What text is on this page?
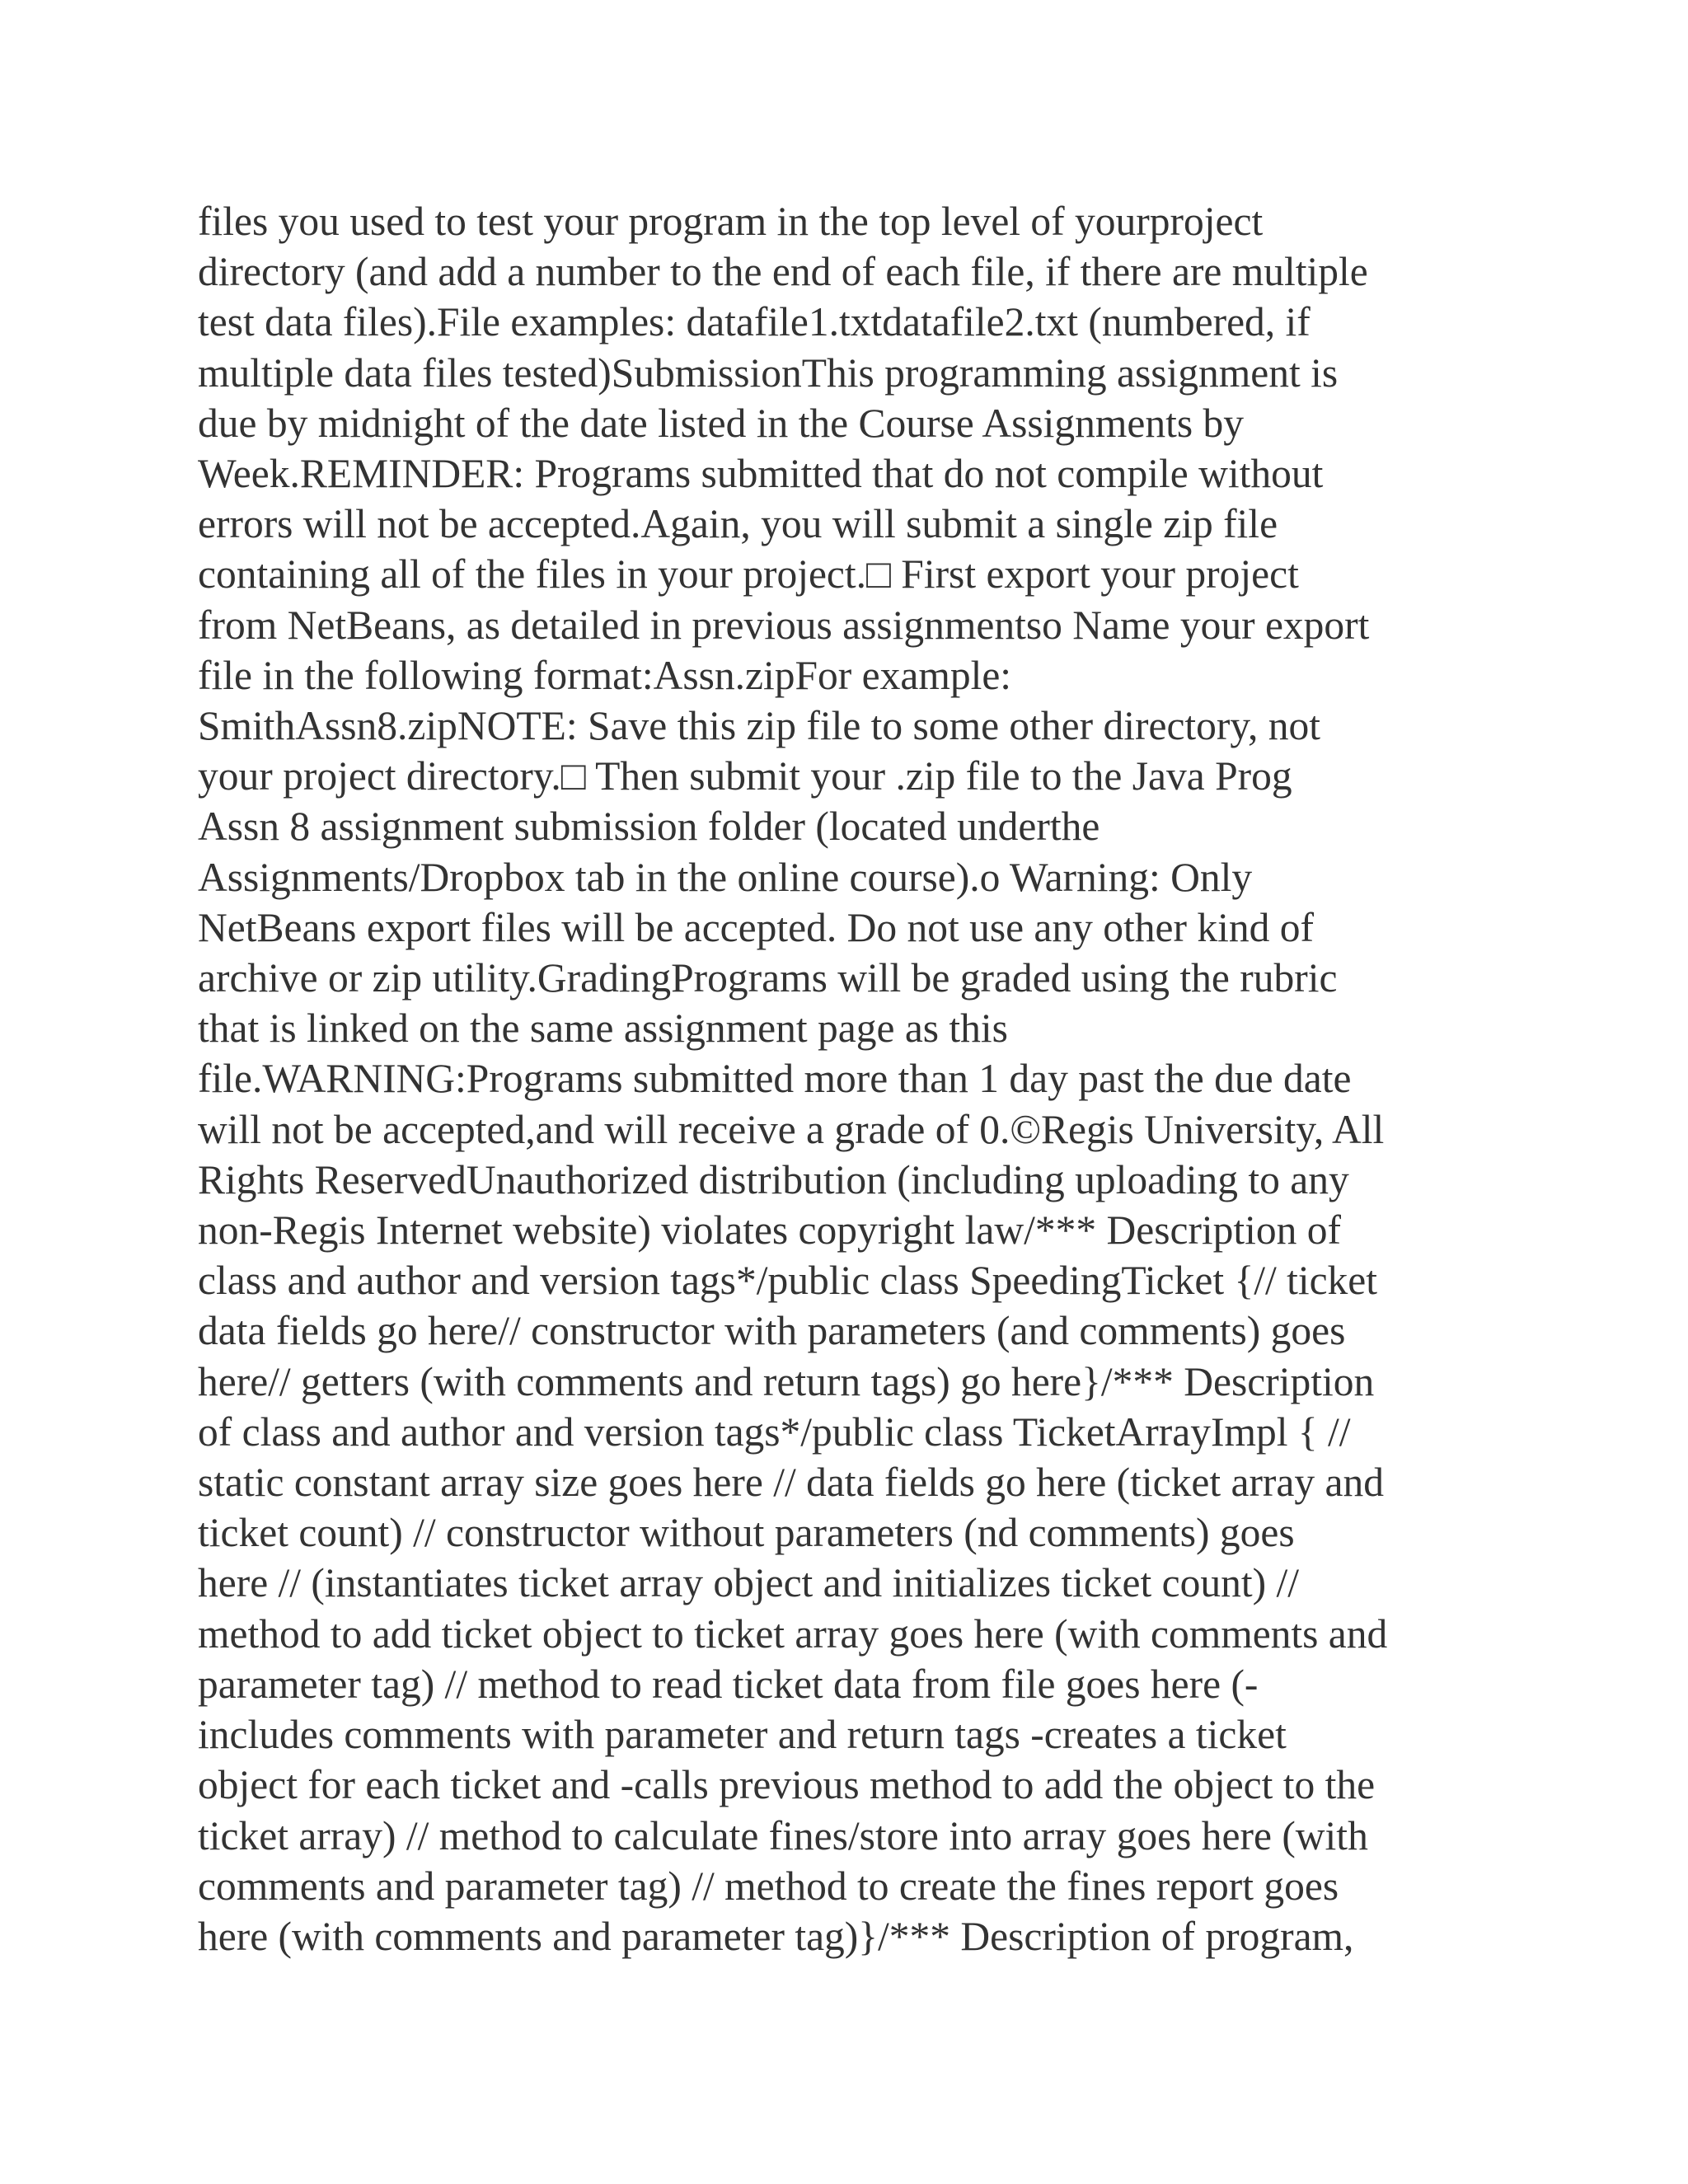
files you used to test your program in the top level of yourproject
directory (and add a number to the end of each file, if there are multiple
test data files).File examples: datafile1.txtdatafile2.txt (numbered, if
multiple data files tested)SubmissionThis programming assignment is
due by midnight of the date listed in the Course Assignments by
Week.REMINDER: Programs submitted that do not compile without
errors will not be accepted.Again, you will submit a single zip file
containing all of the files in your project.□ First export your project
from NetBeans, as detailed in previous assignmentso Name your export
file in the following format:Assn.zipFor example:
SmithAssn8.zipNOTE: Save this zip file to some other directory, not
your project directory.□ Then submit your .zip file to the Java Prog
Assn 8 assignment submission folder (located underthe
Assignments/Dropbox tab in the online course).o Warning: Only
NetBeans export files will be accepted. Do not use any other kind of
archive or zip utility.GradingPrograms will be graded using the rubric
that is linked on the same assignment page as this
file.WARNING:Programs submitted more than 1 day past the due date
will not be accepted,and will receive a grade of 0.©Regis University, All
Rights ReservedUnauthorized distribution (including uploading to any
non-Regis Internet website) violates copyright law/*** Description of
class and author and version tags*/public class SpeedingTicket {// ticket
data fields go here// constructor with parameters (and comments) goes
here// getters (with comments and return tags) go here}/*** Description
of class and author and version tags*/public class TicketArrayImpl { //
static constant array size goes here // data fields go here (ticket array and
ticket count) // constructor without parameters (nd comments) goes
here // (instantiates ticket array object and initializes ticket count) //
method to add ticket object to ticket array goes here (with comments and
parameter tag) // method to read ticket data from file goes here (-
includes comments with parameter and return tags -creates a ticket
object for each ticket and -calls previous method to add the object to the
ticket array) // method to calculate fines/store into array goes here (with
comments and parameter tag) // method to create the fines report goes
here (with comments and parameter tag)}/*** Description of program,
